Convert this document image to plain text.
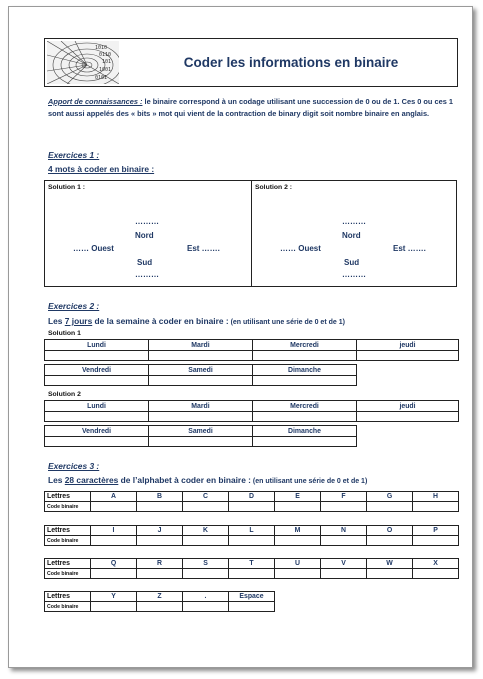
1010
0110
101
1001
0101
Coder les informations en binaire
Apport de connaissances : le binaire correspond à un codage utilisant une succession de 0 ou de 1. Ces 0 ou ces 1 sont aussi appelés des « bits » mot qui vient de la contraction de binary digit soit nombre binaire en anglais.
Exercices 1 :
4 mots à coder en binaire :
Solution 1 :
………
Nord
…… Ouest	Est …….
Sud
………
Solution 2 :
………
Nord
…… Ouest	Est …….
Sud
………
Exercices 2 :
Les 7 jours de la semaine à coder en binaire : (en utilisant une série de 0 et de 1)
Solution 1
Lundi	Mardi	Mercredi	jeudi

Vendredi	Samedi	Dimanche

Solution 2
Lundi	Mardi	Mercredi	jeudi

Vendredi	Samedi	Dimanche

Exercices 3 :
Les 28 caractères de l’alphabet à coder en binaire : (en utilisant une série de 0 et de 1)
Lettres	A	B	C	D	E	F	G	H
Code binaire								
Lettres	I	J	K	L	M	N	O	P
Code binaire								
Lettres	Q	R	S	T	U	V	W	X
Code binaire								
Lettres	Y	Z	.	Espace
Code binaire				
